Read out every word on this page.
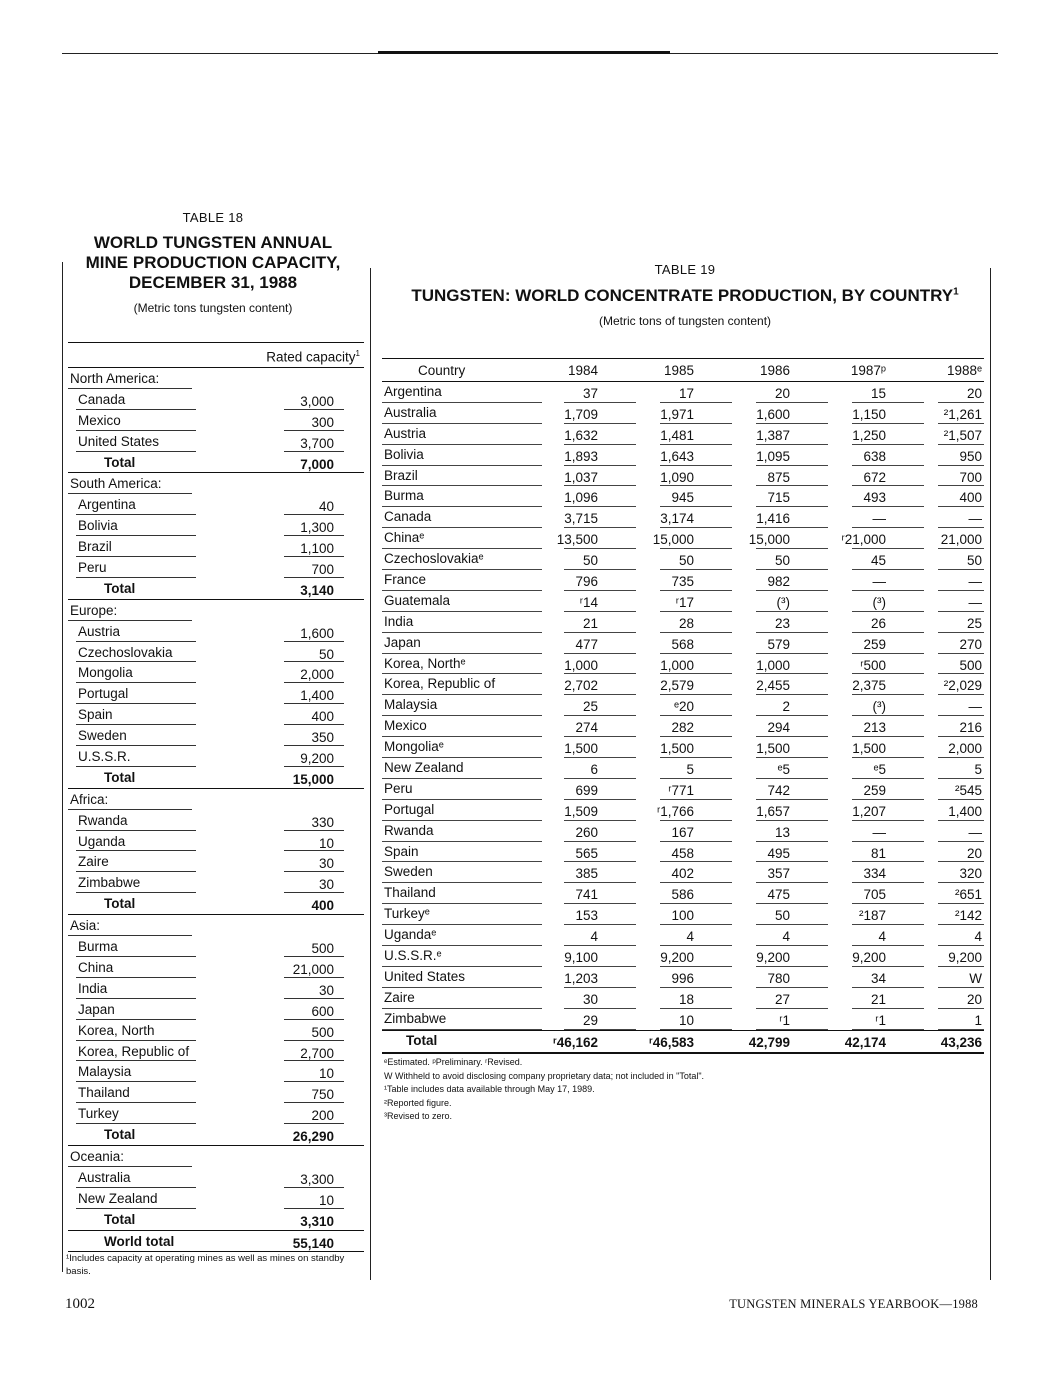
TABLE 18
WORLD TUNGSTEN ANNUAL
MINE PRODUCTION CAPACITY,
DECEMBER 31, 1988
(Metric tons tungsten content)
Rated capacity$^1$
North America:
Canada	3,000
Mexico	300
United States	3,700
Total	7,000
South America:
Argentina	40
Bolivia	1,300
Brazil	1,100
Peru	700
Total	3,140
Europe:
Austria	1,600
Czechoslovakia	50
Mongolia	2,000
Portugal	1,400
Spain	400
Sweden	350
U.S.S.R.	9,200
Total	15,000
Africa:
Rwanda	330
Uganda	10
Zaire	30
Zimbabwe	30
Total	400
Asia:
Burma	500
China	21,000
India	30
Japan	600
Korea, North	500
Korea, Republic of	2,700
Malaysia	10
Thailand	750
Turkey	200
Total	26,290
Oceania:
Australia	3,300
New Zealand	10
Total	3,310
World total	55,140
¹Includes capacity at operating mines as well as mines on standby basis.
TABLE 19
TUNGSTEN: WORLD CONCENTRATE PRODUCTION, BY COUNTRY$^1$
(Metric tons of tungsten content)
Country	1984	1985	1986	1987ᵖ	1988ᵉ
Argentina	37	17	20	15	20
Australia	1,709	1,971	1,600	1,150	²1,261
Austria	1,632	1,481	1,387	1,250	²1,507
Bolivia	1,893	1,643	1,095	638	950
Brazil	1,037	1,090	875	672	700
Burma	1,096	945	715	493	400
Canada	3,715	3,174	1,416	—	—
Chinaᵉ	13,500	15,000	15,000	ʳ21,000	21,000
Czechoslovakiaᵉ	50	50	50	45	50
France	796	735	982	—	—
Guatemala	ʳ14	ʳ17	(³)	(³)	—
India	21	28	23	26	25
Japan	477	568	579	259	270
Korea, Northᵉ	1,000	1,000	1,000	ʳ500	500
Korea, Republic of	2,702	2,579	2,455	2,375	²2,029
Malaysia	25	ᵉ20	2	(³)	—
Mexico	274	282	294	213	216
Mongoliaᵉ	1,500	1,500	1,500	1,500	2,000
New Zealand	6	5	ᵉ5	ᵉ5	5
Peru	699	ʳ771	742	259	²545
Portugal	1,509	ʳ1,766	1,657	1,207	1,400
Rwanda	260	167	13	—	—
Spain	565	458	495	81	20
Sweden	385	402	357	334	320
Thailand	741	586	475	705	²651
Turkeyᵉ	153	100	50	²187	²142
Ugandaᵉ	4	4	4	4	4
U.S.S.R.ᵉ	9,100	9,200	9,200	9,200	9,200
United States	1,203	996	780	34	W
Zaire	30	18	27	21	20
Zimbabwe	29	10	ʳ1	ʳ1	1
Total	ʳ46,162	ʳ46,583	42,799	42,174	43,236
ᵉEstimated. ᵖPreliminary. ʳRevised.
W Withheld to avoid disclosing company proprietary data; not included in "Total".
¹Table includes data available through May 17, 1989.
²Reported figure.
³Revised to zero.
1002	TUNGSTEN MINERALS YEARBOOK—1988
